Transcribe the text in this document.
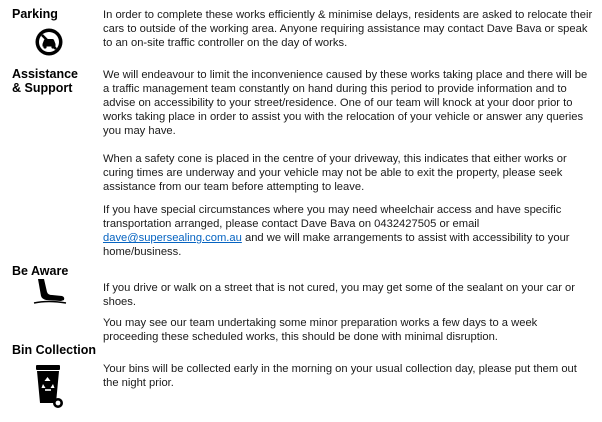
Parking	In order to complete these works efficiently & minimise delays, residents are asked to relocate their cars to outside of the working area. Anyone requiring assistance may contact Dave Bava or speak to an on-site traffic controller on the day of works.
Assistance
& Support
We will endeavour to limit the inconvenience caused by these works taking place and there will be a traffic management team constantly on hand during this period to provide information and to advise on accessibility to your street/residence. One of our team will knock at your door prior to works taking place in order to assist you with the relocation of your vehicle or answer any queries you may have.
When a safety cone is placed in the centre of your driveway, this indicates that either works or curing times are underway and your vehicle may not be able to exit the property, please seek assistance from our team before attempting to leave.
If you have special circumstances where you may need wheelchair access and have specific transportation arranged, please contact Dave Bava on 0432427505 or email dave@supersealing.com.au and we will make arrangements to assist with accessibility to your home/business.
Be Aware
If you drive or walk on a street that is not cured, you may get some of the sealant on your car or shoes.
You may see our team undertaking some minor preparation works a few days to a week proceeding these scheduled works, this should be done with minimal disruption.
Bin Collection
Your bins will be collected early in the morning on your usual collection day, please put them out the night prior.
